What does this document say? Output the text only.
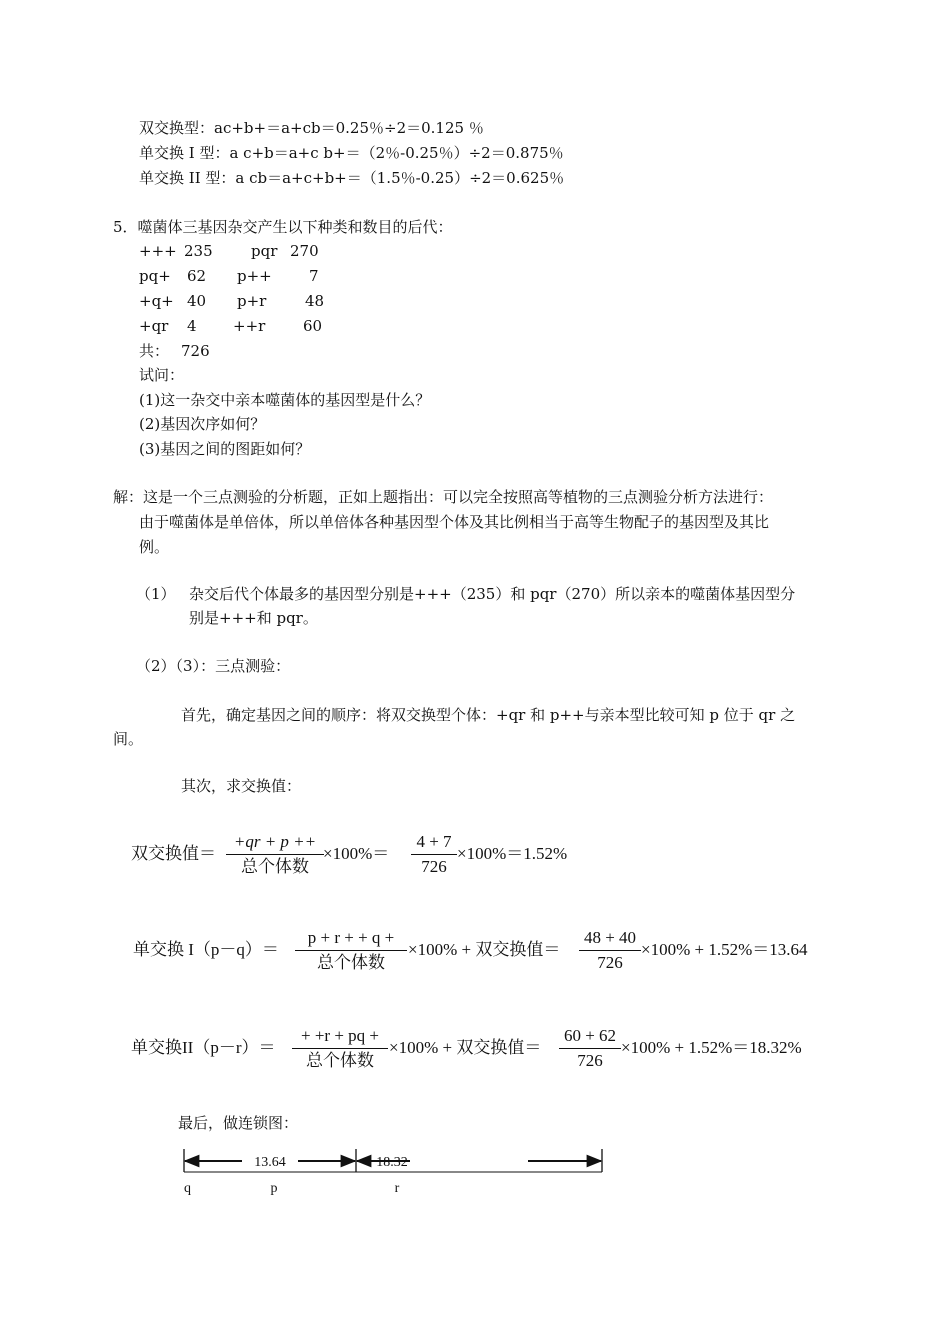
双交换型：ac+b+＝a+cb＝0.25％÷2＝0.125 ％
单交换 I 型：a c+b＝a+c b+＝（2％-0.25％）÷2＝0.875％
单交换 II 型：a cb＝a+c+b+＝（1.5％-0.25）÷2＝0.625％
5．噬菌体三基因杂交产生以下种类和数目的后代：
+++ 235	pqr 270
pq+ 62 p++ 7
+q+ 40 p+r	48
+qr 4 ++r	60
共： 726
试问：
(1)这一杂交中亲本噬菌体的基因型是什么？
(2)基因次序如何？
(3)基因之间的图距如何？
解：这是一个三点测验的分析题，正如上题指出：可以完全按照高等植物的三点测验分析方法进行：
由于噬菌体是单倍体，所以单倍体各种基因型个体及其比例相当于高等生物配子的基因型及其比
例。
（1） 杂交后代个体最多的基因型分别是+++（235）和 pqr（270）所以亲本的噬菌体基因型分
别是+++和 pqr。
（2）（3）：三点测验：
首先，确定基因之间的顺序：将双交换型个体：+qr 和 p++与亲本型比较可知 p 位于 qr 之
间。
其次，求交换值：
双交换值＝
+qr + p ++
总个体数
×100%＝
4 + 7
726
×100%＝1.52%
单交换 I（p－q）＝
p + r + + q +
总个体数
×100% + 双交换值＝
48 + 40
726
×100% + 1.52%＝13.64
单交换II（p－r）＝
+ +r + pq +
总个体数
×100% + 双交换值＝
60 + 62
726
×100% + 1.52%＝18.32%
最后，做连锁图：
13.64	18.32
q	p	r
